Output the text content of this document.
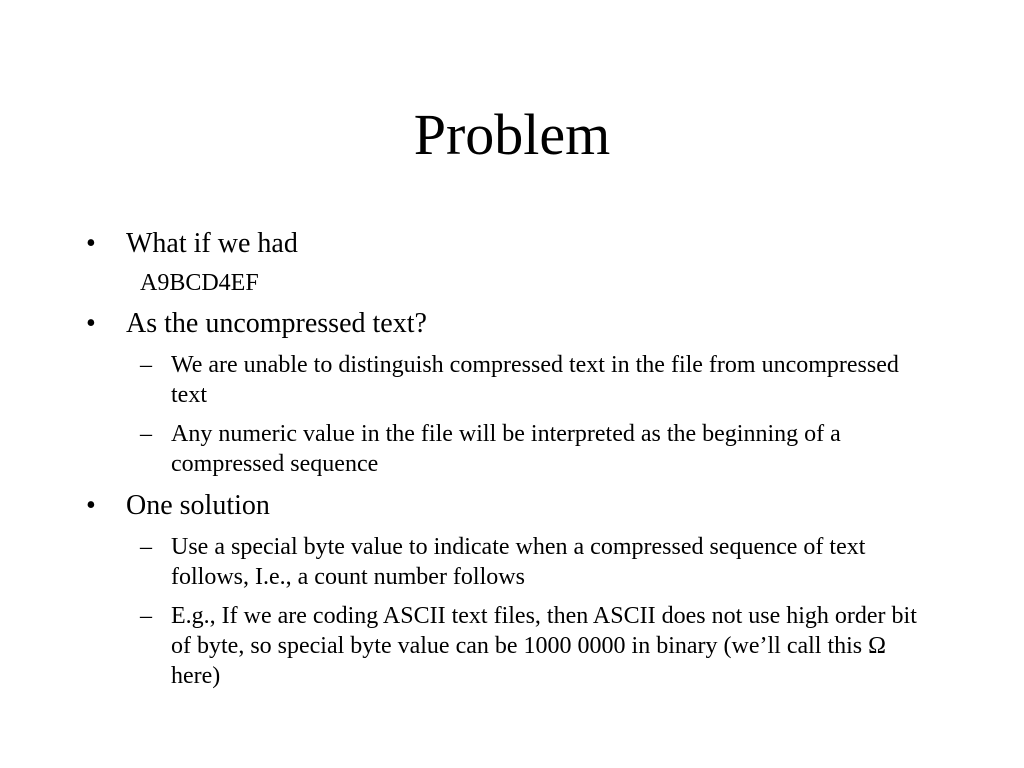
Problem
•	What if we had
A9BCD4EF
•	As the uncompressed text?
– We are unable to distinguish compressed text in the file from uncompressed text
– Any numeric value in the file will be interpreted as the beginning of a compressed sequence
•	One solution
– Use a special byte value to indicate when a compressed sequence of text follows, I.e., a count number follows
– E.g., If we are coding ASCII text files, then ASCII does not use high order bit of byte, so special byte value can be 1000 0000 in binary (we’ll call this Ω here)
